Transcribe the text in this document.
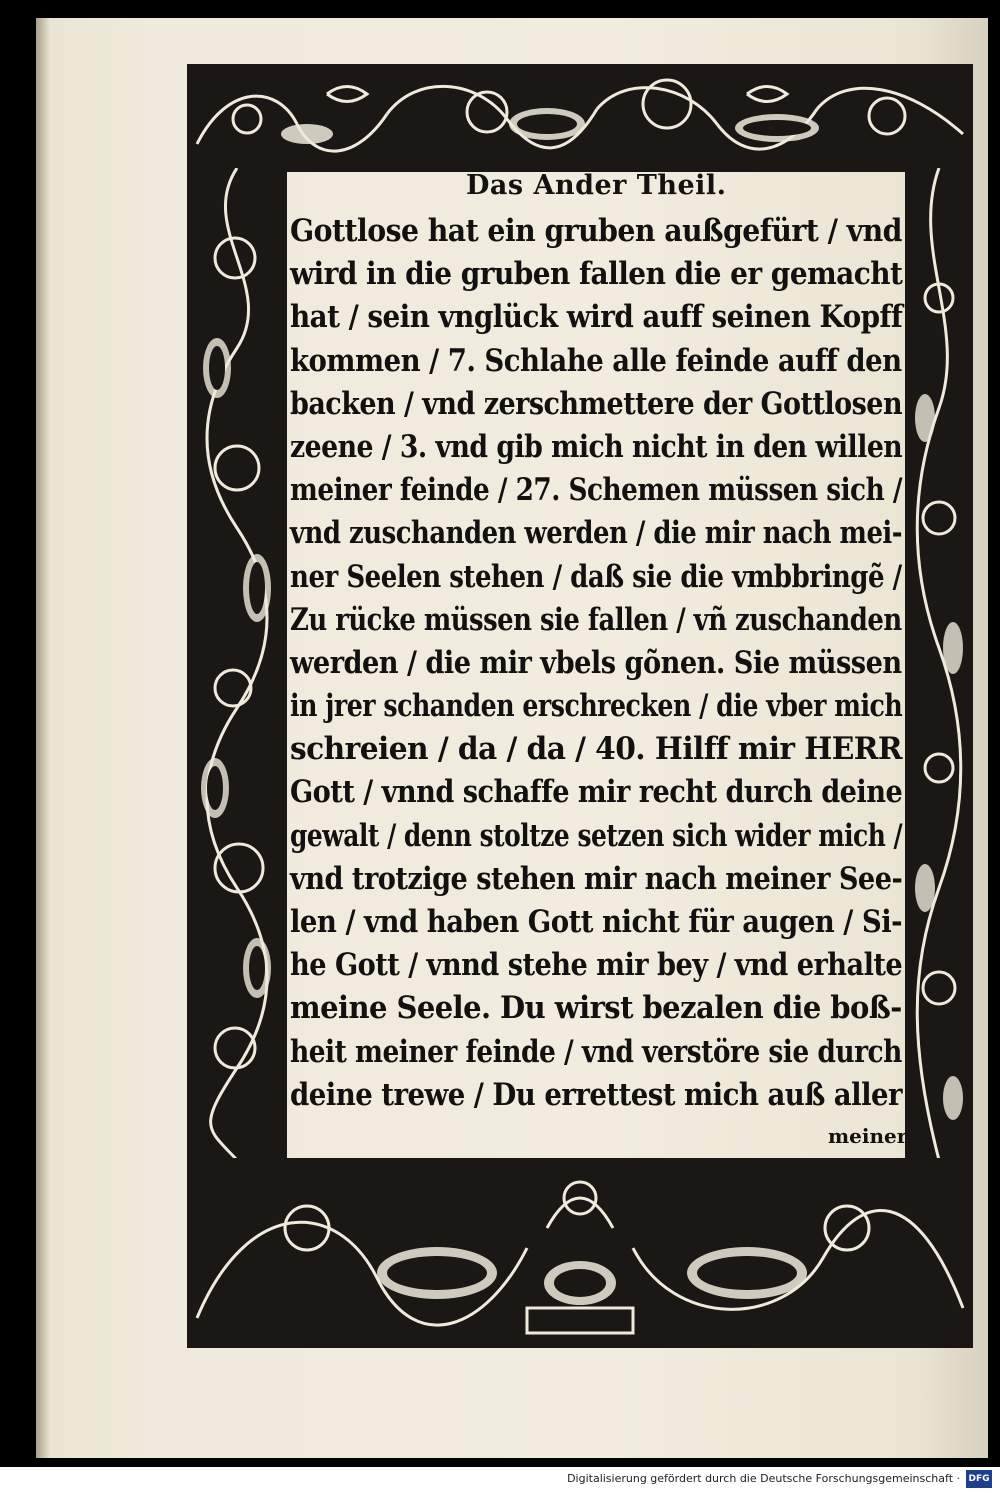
Das Ander Theil.
Gottlose hat ein gruben außgefürt / vnd
wird in die gruben fallen die er gemacht
hat / sein vnglück wird auff seinen Kopff
kommen / 7. Schlahe alle feinde auff den
backen / vnd zerschmettere der Gottlosen
zeene / 3. vnd gib mich nicht in den willen
meiner feinde / 27. Schemen müssen sich /
vnd zuschanden werden / die mir nach mei-
ner Seelen stehen / daß sie die vmbbringẽ /
Zu rücke müssen sie fallen / vñ zuschanden
werden / die mir vbels gõnen. Sie müssen
in jrer schanden erschrecken / die vber mich
schreien / da / da / 40. Hilff mir HERR
Gott / vnnd schaffe mir recht durch deine
gewalt / denn stoltze setzen sich wider mich /
vnd trotzige stehen mir nach meiner See-
len / vnd haben Gott nicht für augen / Si-
he Gott / vnnd stehe mir bey / vnd erhalte
meine Seele. Du wirst bezalen die boß-
heit meiner feinde / vnd verstöre sie durch
deine trewe / Du errettest mich auß aller
meiner
Digitalisierung gefördert durch die Deutsche Forschungsgemeinschaft · DFG
